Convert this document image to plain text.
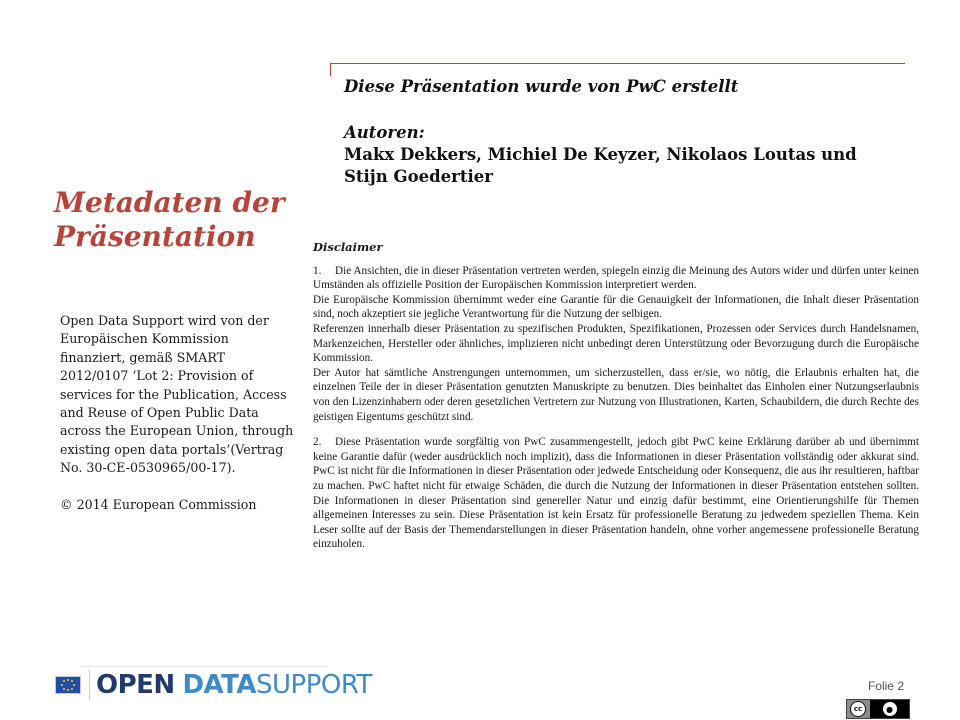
Diese Präsentation wurde von PwC erstellt

Autoren:

Makx Dekkers, Michiel De Keyzer, Nikolaos Loutas und Stijn Goedertier

Metadaten der
Präsentation

Open Data Support wird von der Europäischen Kommission finanziert, gemäß SMART 2012/0107 ‘Lot 2: Provision of services for the Publication, Access and Reuse of Open Public Data across the European Union, through existing open data portals’(Vertrag No. 30-CE-0530965/00-17).

© 2014 European Commission

Disclaimer

1. Die Ansichten, die in dieser Präsentation vertreten werden, spiegeln einzig die Meinung des Autors wider und dürfen unter keinen Umständen als offizielle Position der Europäischen Kommission interpretiert werden.

Die Europäische Kommission übernimmt weder eine Garantie für die Genauigkeit der Informationen, die Inhalt dieser Präsentation sind, noch akzeptiert sie jegliche Verantwortung für die Nutzung der selbigen.

Referenzen innerhalb dieser Präsentation zu spezifischen Produkten, Spezifikationen, Prozessen oder Services durch Handelsnamen, Markenzeichen, Hersteller oder ähnliches, implizieren nicht unbedingt deren Unterstützung oder Bevorzugung durch die Europäische Kommission.

Der Autor hat sämtliche Anstrengungen unternommen, um sicherzustellen, dass er/sie, wo nötig, die Erlaubnis erhalten hat, die einzelnen Teile der in dieser Präsentation genutzten Manuskripte zu benutzen. Dies beinhaltet das Einholen einer Nutzungserlaubnis von den Lizenzinhabern oder deren gesetzlichen Vertretern zur Nutzung von Illustrationen, Karten, Schaubildern, die durch Rechte des geistigen Eigentums geschützt sind.

2. Diese Präsentation wurde sorgfältig von PwC zusammengestellt, jedoch gibt PwC keine Erklärung darüber ab und übernimmt keine Garantie dafür (weder ausdrücklich noch implizit), dass die Informationen in dieser Präsentation vollständig oder akkurat sind. PwC ist nicht für die Informationen in dieser Präsentation oder jedwede Entscheidung oder Konsequenz, die aus ihr resultieren, haftbar zu machen. PwC haftet nicht für etwaige Schäden, die durch die Nutzung der Informationen in dieser Präsentation entstehen sollten. Die Informationen in dieser Präsentation sind genereller Natur und einzig dafür bestimmt, eine Orientierungshilfe für Themen allgemeinen Interesses zu sein. Diese Präsentation ist kein Ersatz für professionelle Beratung zu jedwedem speziellen Thema. Kein Leser sollte auf der Basis der Themendarstellungen in dieser Präsentation handeln, ohne vorher angemessene professionelle Beratung einzuholen.

OPEN DATASUPPORT	Folie 2
cc	●
